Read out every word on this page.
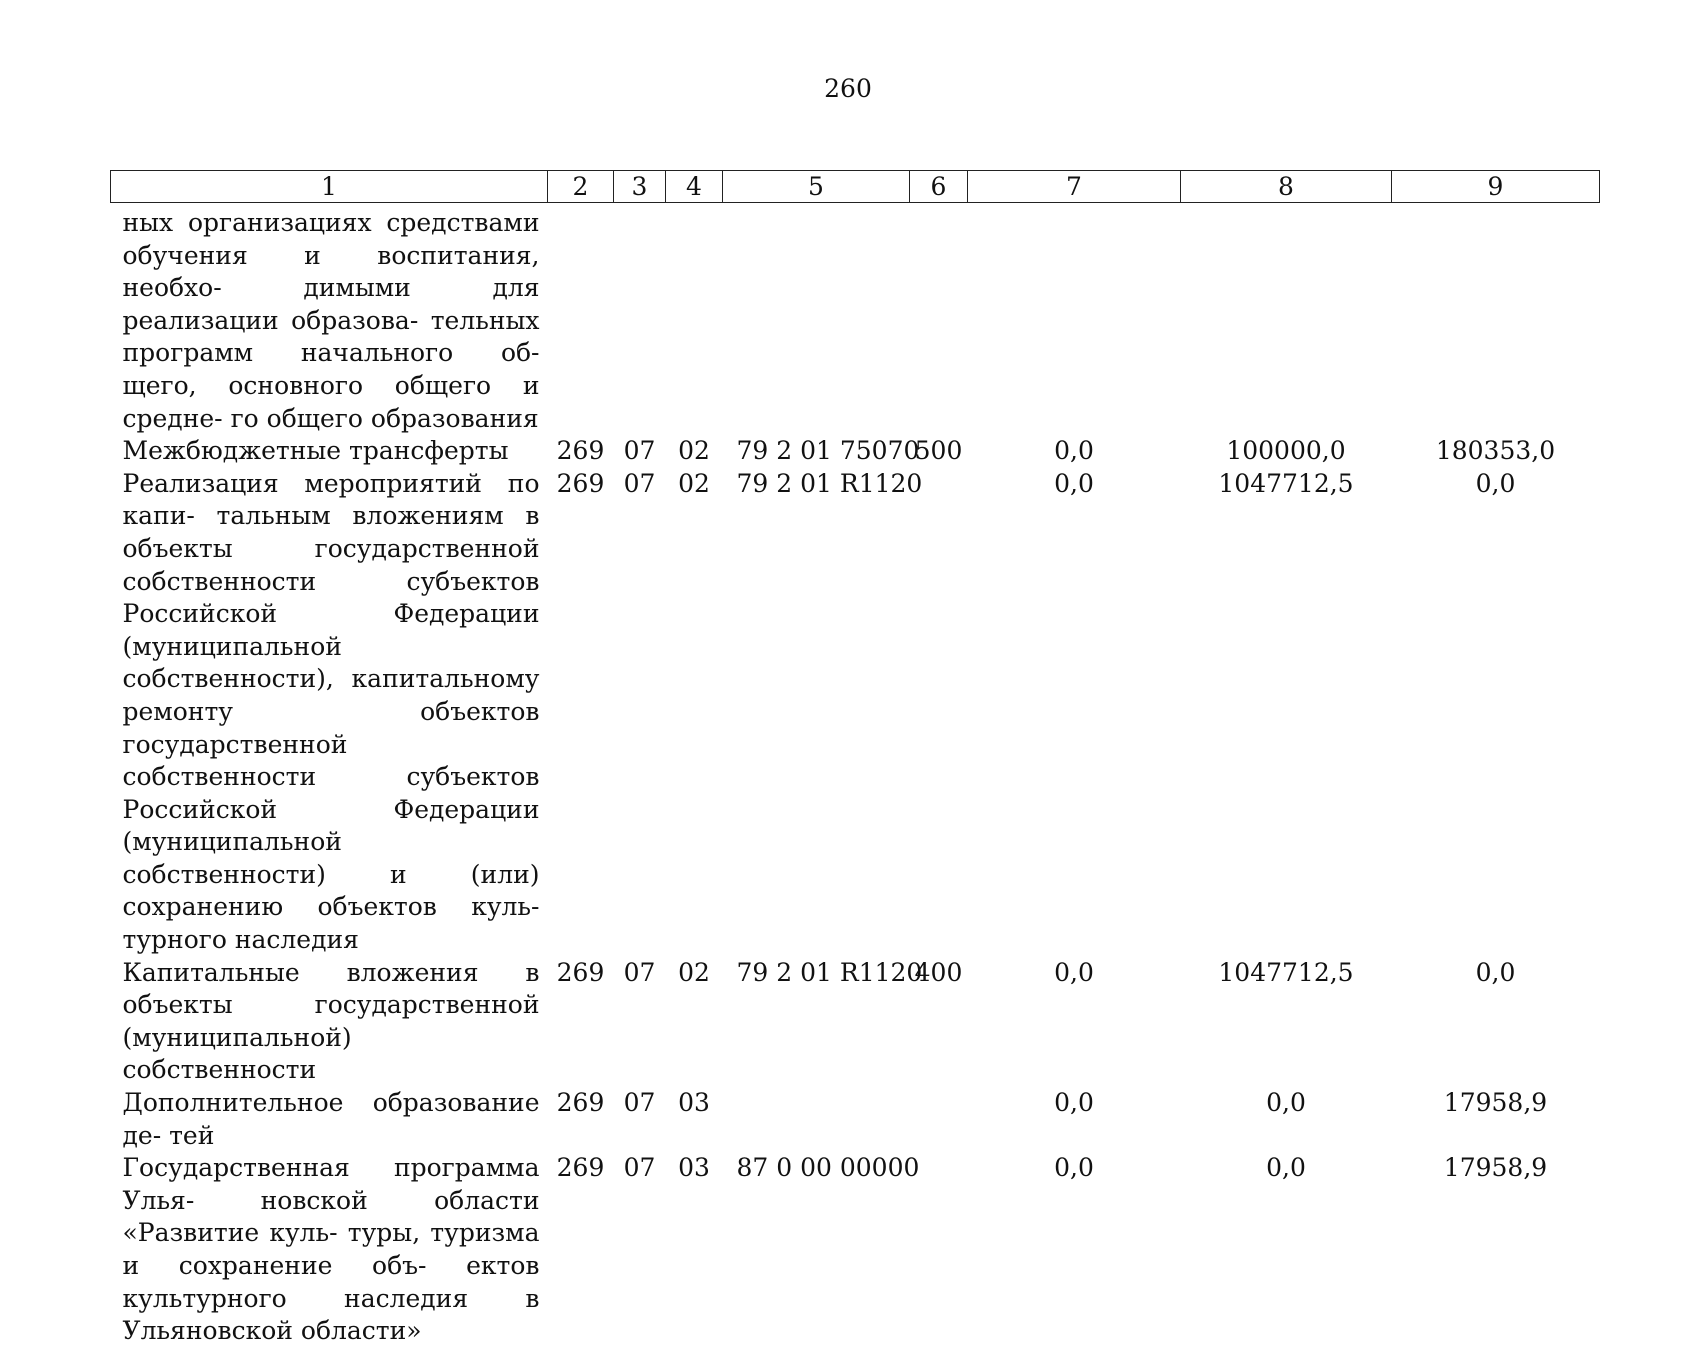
260
1	2	3	4	5	6	7	8	9
ных организациях средствами обучения и воспитания, необхо- димыми для реализации образова- тельных программ начального об- щего, основного общего и средне- го общего образования								
Межбюджетные трансферты	269	07	02	79 2 01 75070	500	0,0	100000,0	180353,0
Реализация мероприятий по капи- тальным вложениям в объекты государственной собственности субъектов Российской Федерации (муниципальной собственности), капитальному ремонту объектов государственной собственности субъектов Российской Федерации (муниципальной собственности) и (или) сохранению объектов куль- турного наследия	269	07	02	79 2 01 R1120		0,0	1047712,5	0,0
Капитальные вложения в объекты государственной (муниципальной) собственности	269	07	02	79 2 01 R1120	400	0,0	1047712,5	0,0
Дополнительное образование де- тей	269	07	03			0,0	0,0	17958,9
Государственная программа Улья- новской области «Развитие куль- туры, туризма и сохранение объ- ектов культурного наследия в Ульяновской области»	269	07	03	87 0 00 00000		0,0	0,0	17958,9
